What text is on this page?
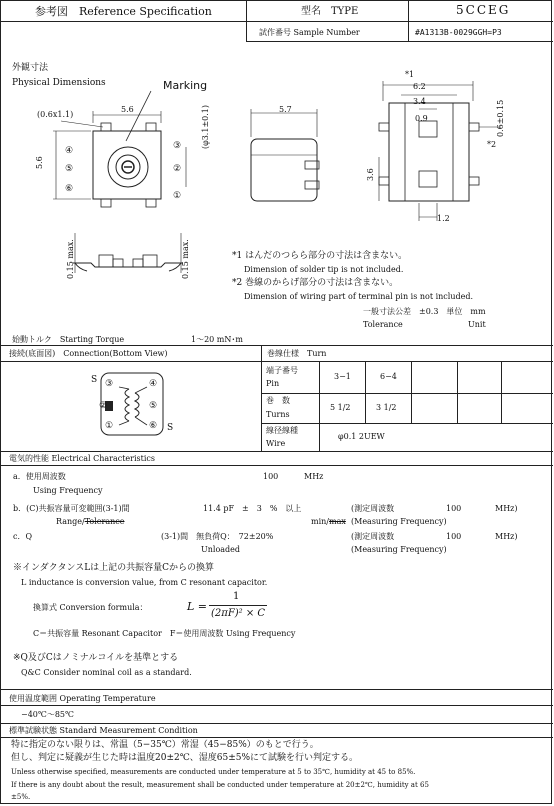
参考図　Reference Specification	型名　TYPE	5CCEG
試作番号 Sample Number	#A1313B-0029GGH=P3
外観寸法
Physical Dimensions	Marking
(0.6x1.1)
5.6
5.6
(φ3.1±0.1)
④
⑤
⑥
③
②
①
5.7
*1
6.2
3.4
0.9
3.6
0.6±0.15
*2
1.2
0.15 max.	0.15 max.	*1 はんだのつらら部分の寸法は含まない。
Dimension of solder tip is not included.
*2 巻線のからげ部分の寸法は含まない。
Dimension of wiring part of terminal pin is not included.
一般寸法公差　±0.3　単位　mm
Tolerance	Unit
始動トルク　Starting Torque	1〜20 mN･m
接続(底面図)　Connection(Bottom View)	巻線仕様　Turn
S
S
③	④
②	⑤
①	⑥
端子番号
Pin
3−1	6−4
巻　数
Turns
5 1/2	3 1/2
線径線種
Wire
φ0.1 2UEW
電気的性能 Electrical Characteristics
a．使用周波数
Using Frequency
100	MHz
b．(C)共振容量可変範囲(3-1)間	11.4 pF　±　3　%　以上
Range/Tolerance	min/max
(測定周波数	100	MHz)
(Measuring Frequency)
c．Q	(3-1)間　無負荷Q：　72±20%
Unloaded
(測定周波数	100	MHz)
(Measuring Frequency)
※インダクタンスLは上記の共振容量Cからの換算
L inductance is conversion value, from C resonant capacitor.
換算式 Conversion formula：	L =
1
(2πF)² × C
C＝共振容量 Resonant Capacitor　F＝使用周波数 Using Frequency
※Q及びCはノミナルコイルを基準とする
Q&C Consider nominal coil as a standard.
使用温度範囲 Operating Temperature
−40℃〜85℃
標準試験状態 Standard Measurement Condition
特に指定のない限りは、常温（5−35℃）常湿（45−85%）のもとで行う。
但し、判定に疑義が生じた時は温度20±2℃、湿度65±5%にて試験を行い判定する。
Unless otherwise specified, measurements are conducted under temperature at 5 to 35℃, humidity at 45 to 85%.
If there is any doubt about the result, measurement shall be conducted under temperature at 20±2℃, humidity at 65
±5%.
